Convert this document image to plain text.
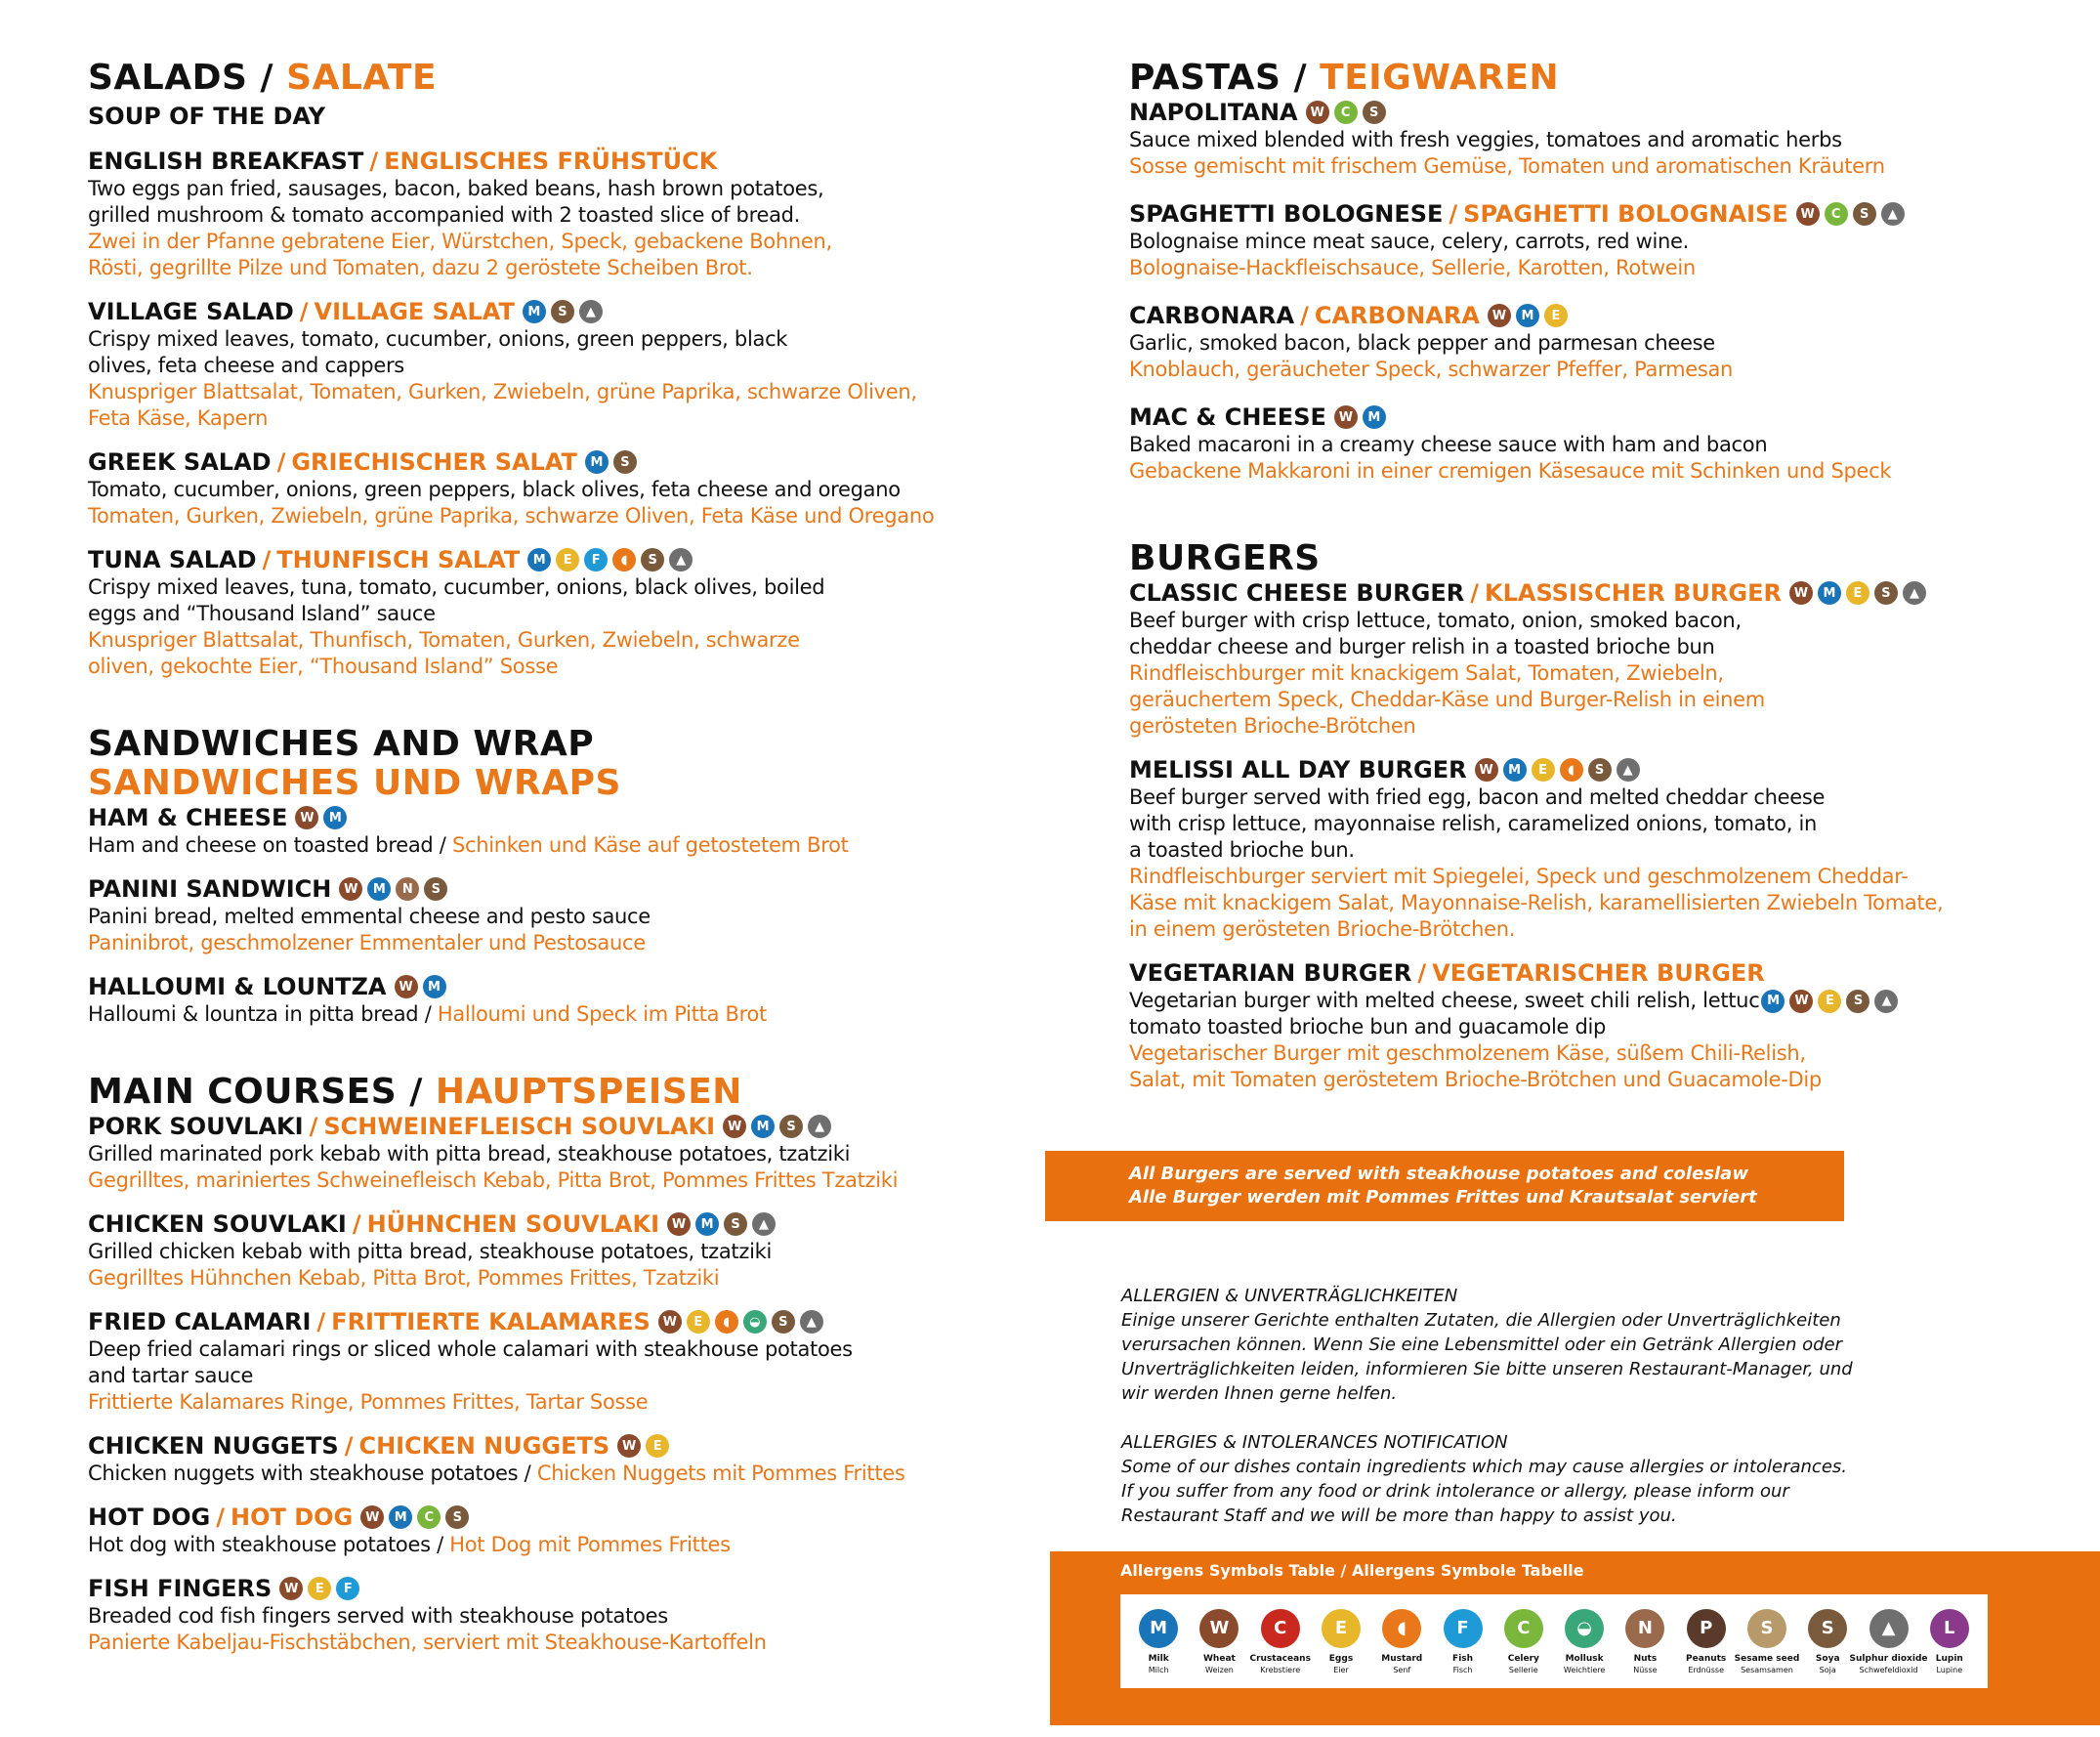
SALADS / SALATE
SOUP OF THE DAY
ENGLISH BREAKFAST / ENGLISCHES FRÜHSTÜCK
Two eggs pan fried, sausages, bacon, baked beans, hash brown potatoes, grilled mushroom & tomato accompanied with 2 toasted slice of bread.
Zwei in der Pfanne gebratene Eier, Würstchen, Speck, gebackene Bohnen, Rösti, gegrillte Pilze und Tomaten, dazu 2 geröstete Scheiben Brot.
VILLAGE SALAD / VILLAGE SALAT	M	S	▲
Crispy mixed leaves, tomato, cucumber, onions, green peppers, black olives, feta cheese and cappers
Knuspriger Blattsalat, Tomaten, Gurken, Zwiebeln, grüne Paprika, schwarze Oliven, Feta Käse, Kapern
GREEK SALAD / GRIECHISCHER SALAT	M	S
Tomato, cucumber, onions, green peppers, black olives, feta cheese and oregano
Tomaten, Gurken, Zwiebeln, grüne Paprika, schwarze Oliven, Feta Käse und Oregano
TUNA SALAD / THUNFISCH SALAT	M	E	F	◖	S	▲
Crispy mixed leaves, tuna, tomato, cucumber, onions, black olives, boiled eggs and “Thousand Island” sauce
Knuspriger Blattsalat, Thunfisch, Tomaten, Gurken, Zwiebeln, schwarze oliven, gekochte Eier, “Thousand Island” Sosse
SANDWICHES AND WRAP
SANDWICHES UND WRAPS
HAM & CHEESE W	M
Ham and cheese on toasted bread / Schinken und Käse auf getostetem Brot
PANINI SANDWICH W	M	N	S
Panini bread, melted emmental cheese and pesto sauce
Paninibrot, geschmolzener Emmentaler und Pestosauce
HALLOUMI & LOUNTZA W	M
Halloumi & lountza in pitta bread / Halloumi und Speck im Pitta Brot
MAIN COURSES / HAUPTSPEISEN
PORK SOUVLAKI / SCHWEINEFLEISCH SOUVLAKI W	M	S	▲
Grilled marinated pork kebab with pitta bread, steakhouse potatoes, tzatziki
Gegrilltes, mariniertes Schweinefleisch Kebab, Pitta Brot, Pommes Frittes Tzatziki
CHICKEN SOUVLAKI / HÜHNCHEN SOUVLAKI W	M	S	▲
Grilled chicken kebab with pitta bread, steakhouse potatoes, tzatziki
Gegrilltes Hühnchen Kebab, Pitta Brot, Pommes Frittes, Tzatziki
FRIED CALAMARI / FRITTIERTE KALAMARES W	E	◖	◒	S	▲
Deep fried calamari rings or sliced whole calamari with steakhouse potatoes and tartar sauce
Frittierte Kalamares Ringe, Pommes Frittes, Tartar Sosse
CHICKEN NUGGETS / CHICKEN NUGGETS W	E
Chicken nuggets with steakhouse potatoes / Chicken Nuggets mit Pommes Frittes
HOT DOG / HOT DOG W	M	C	S
Hot dog with steakhouse potatoes / Hot Dog mit Pommes Frittes
FISH FINGERS W	E	F
Breaded cod fish fingers served with steakhouse potatoes
Panierte Kabeljau-Fischstäbchen, serviert mit Steakhouse-Kartoffeln
PASTAS / TEIGWAREN
NAPOLITANA W	C	S
Sauce mixed blended with fresh veggies, tomatoes and aromatic herbs
Sosse gemischt mit frischem Gemüse, Tomaten und aromatischen Kräutern
SPAGHETTI BOLOGNESE / SPAGHETTI BOLOGNAISE W	C	S	▲
Bolognaise mince meat sauce, celery, carrots, red wine.
Bolognaise-Hackfleischsauce, Sellerie, Karotten, Rotwein
CARBONARA / CARBONARA W	M	E
Garlic, smoked bacon, black pepper and parmesan cheese
Knoblauch, geräucheter Speck, schwarzer Pfeffer, Parmesan
MAC & CHEESE W	M
Baked macaroni in a creamy cheese sauce with ham and bacon
Gebackene Makkaroni in einer cremigen Käsesauce mit Schinken und Speck
BURGERS
CLASSIC CHEESE BURGER / KLASSISCHER BURGER W	M	E	S	▲
Beef burger with crisp lettuce, tomato, onion, smoked bacon, cheddar cheese and burger relish in a toasted brioche bun
Rindfleischburger mit knackigem Salat, Tomaten, Zwiebeln, geräuchertem Speck, Cheddar-Käse und Burger-Relish in einem gerösteten Brioche-Brötchen
MELISSI ALL DAY BURGER W	M	E	◖	S	▲
Beef burger served with fried egg, bacon and melted cheddar cheese with crisp lettuce, mayonnaise relish, caramelized onions, tomato, in a toasted brioche bun.
Rindfleischburger serviert mit Spiegelei, Speck und geschmolzenem Cheddar-Käse mit knackigem Salat, Mayonnaise-Relish, karamellisierten Zwiebeln Tomate, in einem gerösteten Brioche-Brötchen.
VEGETARIAN BURGER / VEGETARISCHER BURGER
Vegetarian burger with melted cheese, sweet chili relish, lettuc M	W	E	S	▲
tomato toasted brioche bun and guacamole dip
Vegetarischer Burger mit geschmolzenem Käse, süßem Chili-Relish, Salat, mit Tomaten geröstetem Brioche-Brötchen und Guacamole-Dip
All Burgers are served with steakhouse potatoes and coleslaw
Alle Burger werden mit Pommes Frittes und Krautsalat serviert
ALLERGIEN & UNVERTRÄGLICHKEITEN
Einige unserer Gerichte enthalten Zutaten, die Allergien oder Unverträglichkeiten verursachen können. Wenn Sie eine Lebensmittel oder ein Getränk Allergien oder Unverträglichkeiten leiden, informieren Sie bitte unseren Restaurant-Manager, und wir werden Ihnen gerne helfen.
ALLERGIES & INTOLERANCES NOTIFICATION
Some of our dishes contain ingredients which may cause allergies or intolerances. If you suffer from any food or drink intolerance or allergy, please inform our Restaurant Staff and we will be more than happy to assist you.
Allergens Symbols Table / Allergens Symbole Tabelle
M
Milk
Milch
W
Wheat
Weizen
C
Crustaceans
Krebstiere
E
Eggs
Eier
◖
Mustard
Senf
F
Fish
Fisch
C
Celery
Sellerie
◒
Mollusk
Weichtiere
N
Nuts
Nüsse
P
Peanuts
Erdnüsse
S
Sesame seed
Sesamsamen
S
Soya
Soja
▲
Sulphur dioxide
Schwefeldioxid
L
Lupin
Lupine
